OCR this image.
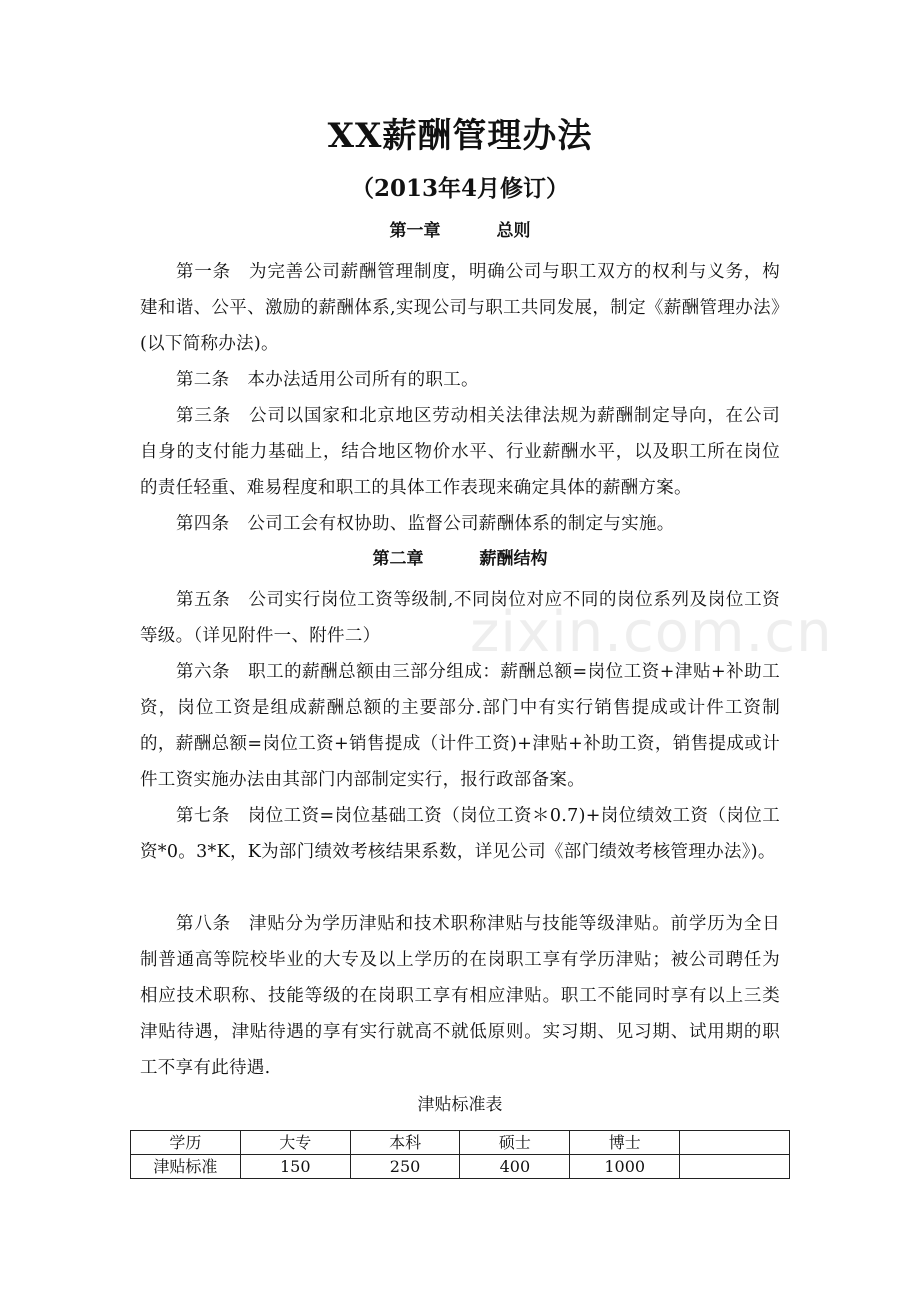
XX薪酬管理办法
（2013年4月修订）
第一章	总则
第一条 为完善公司薪酬管理制度，明确公司与职工双方的权利与义务，构建和谐、公平、激励的薪酬体系,实现公司与职工共同发展，制定《薪酬管理办法》(以下简称办法)。
第二条 本办法适用公司所有的职工。
第三条 公司以国家和北京地区劳动相关法律法规为薪酬制定导向，在公司自身的支付能力基础上，结合地区物价水平、行业薪酬水平，以及职工所在岗位的责任轻重、难易程度和职工的具体工作表现来确定具体的薪酬方案。
第四条 公司工会有权协助、监督公司薪酬体系的制定与实施。
第二章	薪酬结构
第五条 公司实行岗位工资等级制,不同岗位对应不同的岗位系列及岗位工资等级。（详见附件一、附件二）
第六条 职工的薪酬总额由三部分组成：薪酬总额=岗位工资+津贴+补助工资，岗位工资是组成薪酬总额的主要部分.部门中有实行销售提成或计件工资制的，薪酬总额=岗位工资+销售提成（计件工资)+津贴+补助工资，销售提成或计件工资实施办法由其部门内部制定实行，报行政部备案。
第七条 岗位工资=岗位基础工资（岗位工资＊0.7)+岗位绩效工资（岗位工资*0。3*K，K为部门绩效考核结果系数，详见公司《部门绩效考核管理办法》)。
第八条 津贴分为学历津贴和技术职称津贴与技能等级津贴。前学历为全日制普通高等院校毕业的大专及以上学历的在岗职工享有学历津贴；被公司聘任为相应技术职称、技能等级的在岗职工享有相应津贴。职工不能同时享有以上三类津贴待遇，津贴待遇的享有实行就高不就低原则。实习期、见习期、试用期的职工不享有此待遇.
津贴标准表
学历	大专	本科	硕士	博士	
津贴标准	150	250	400	1000	
zixin.com.cn
